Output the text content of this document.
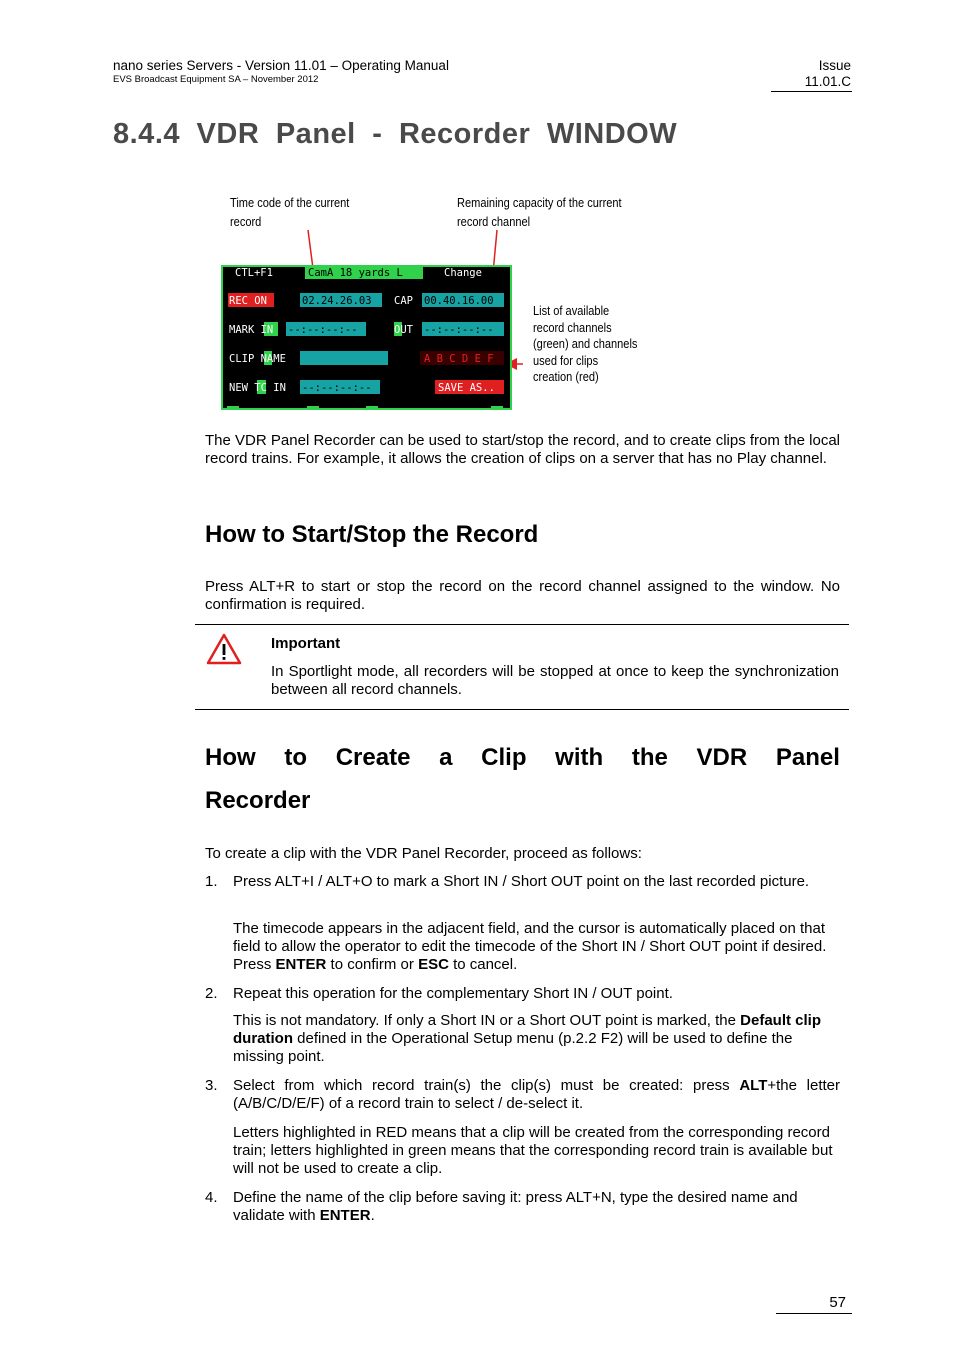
nano series Servers - Version 11.01 – Operating Manual
EVS Broadcast Equipment SA – November 2012
Issue
11.01.C
8.4.4 VDR Panel - Recorder WINDOW
Time code of the current
record
Remaining capacity of the current
record channel
List of available
record channels
(green) and channels
used for clips
creation (red)
CTL+F1	CamA 18 yards L	Change
REC ON	02.24.26.03 CAP 00.40.16.00
MARK IN --:--:--:--	OUT --:--:--:--
CLIP NAME	A B C D E F
NEW TC IN --:--:--:--	SAVE AS..
The VDR Panel Recorder can be used to start/stop the record, and to create clips from the local record trains. For example, it allows the creation of clips on a server that has no Play channel.
How to Start/Stop the Record
Press ALT+R to start or stop the record on the record channel assigned to the window. No confirmation is required.
Important
In Sportlight mode, all recorders will be stopped at once to keep the synchronization between all record channels.
How to Create a Clip with the VDR Panel
Recorder
To create a clip with the VDR Panel Recorder, proceed as follows:
1. Press ALT+I / ALT+O to mark a Short IN / Short OUT point on the last recorded picture.
The timecode appears in the adjacent field, and the cursor is automatically placed on that field to allow the operator to edit the timecode of the Short IN / Short OUT point if desired. Press ENTER to confirm or ESC to cancel.
2. Repeat this operation for the complementary Short IN / OUT point.
This is not mandatory. If only a Short IN or a Short OUT point is marked, the Default clip duration defined in the Operational Setup menu (p.2.2 F2) will be used to define the missing point.
3. Select from which record train(s) the clip(s) must be created: press ALT+the letter (A/B/C/D/E/F) of a record train to select / de-select it.
Letters highlighted in RED means that a clip will be created from the corresponding record train; letters highlighted in green means that the corresponding record train is available but will not be used to create a clip.
4. Define the name of the clip before saving it: press ALT+N, type the desired name and validate with ENTER.
57
